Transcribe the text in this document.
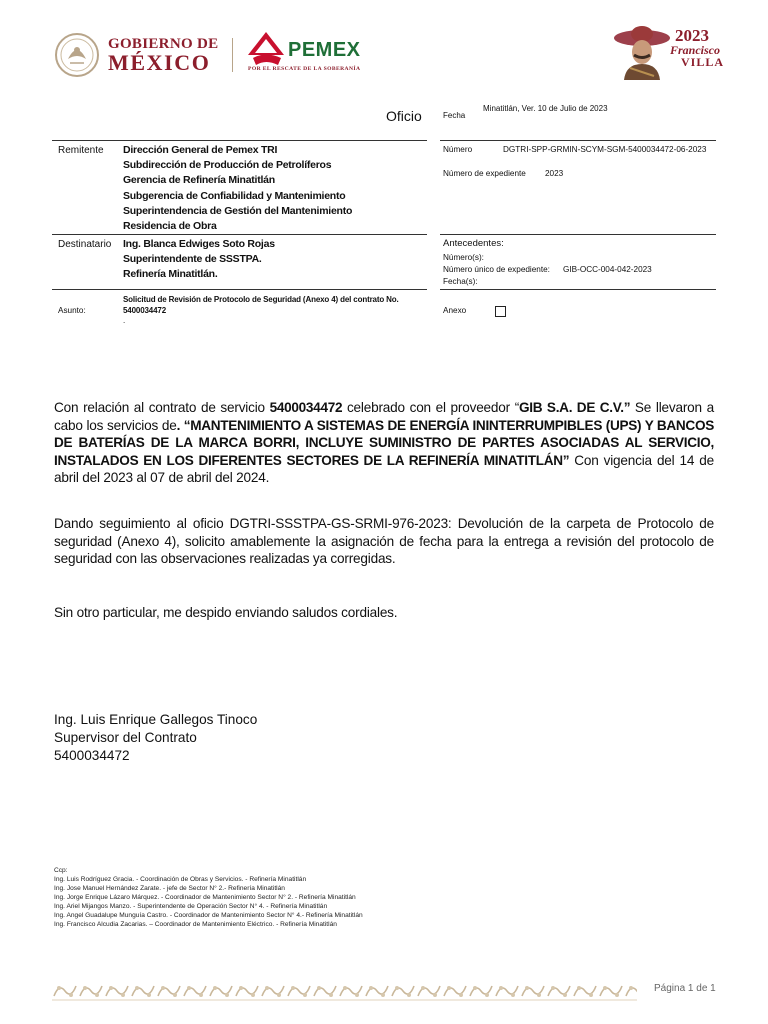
GOBIERNO DE
MÉXICO	PEMEX
POR EL RESCATE DE LA SOBERANÍA
2023
Francisco
VILLA
Oficio	Fecha
Minatitlán, Ver. 10 de Julio de 2023
Remitente Dirección General de Pemex TRI
Subdirección de Producción de Petrolíferos
Gerencia de Refinería Minatitlán
Subgerencia de Confiabilidad y Mantenimiento
Superintendencia de Gestión del Mantenimiento
Residencia de Obra
Número	DGTRI-SPP-GRMIN-SCYM-SGM-5400034472-06-2023
Número de expediente 2023
Destinatario Ing. Blanca Edwiges Soto Rojas
Superintendente de SSSTPA.
Refinería Minatitlán.
Antecedentes:
Número(s):
Número único de expediente: GIB-OCC-004-042-2023
Fecha(s):
Asunto:
Solicitud de Revisión de Protocolo de Seguridad (Anexo 4) del contrato No.
5400034472
.
Anexo
Con relación al contrato de servicio 5400034472 celebrado con el proveedor “GIB S.A. DE C.V.” Se llevaron a cabo los servicios de. “MANTENIMIENTO A SISTEMAS DE ENERGÍA ININTERRUMPIBLES (UPS) Y BANCOS DE BATERÍAS DE LA MARCA BORRI, INCLUYE SUMINISTRO DE PARTES ASOCIADAS AL SERVICIO, INSTALADOS EN LOS DIFERENTES SECTORES DE LA REFINERÍA MINATITLÁN” Con vigencia del 14 de abril del 2023 al 07 de abril del 2024.
Dando seguimiento al oficio DGTRI-SSSTPA-GS-SRMI-976-2023: Devolución de la carpeta de Protocolo de seguridad (Anexo 4), solicito amablemente la asignación de fecha para la entrega a revisión del protocolo de seguridad con las observaciones realizadas ya corregidas.
Sin otro particular, me despido enviando saludos cordiales.
Ing. Luis Enrique Gallegos Tinoco
Supervisor del Contrato
5400034472
Ccp:
Ing. Luis Rodríguez Gracia. - Coordinación de Obras y Servicios. - Refinería Minatitlán
Ing. Jose Manuel Hernández Zarate. - jefe de Sector N° 2.- Refinería Minatitlán
Ing. Jorge Enrique Lázaro Márquez. - Coordinador de Mantenimiento Sector N° 2. - Refinería Minatitlán
Ing. Ariel Mijangos Manzo. - Superintendente de Operación Sector N° 4. - Refinería Minatitlán
Ing. Angel Guadalupe Munguía Castro. - Coordinador de Mantenimiento Sector N° 4.- Refinería Minatitlán
Ing. Francisco Alcudia Zacarias. – Coordinador de Mantenimiento Eléctrico. - Refinería Minatitlán
Página 1 de 1
